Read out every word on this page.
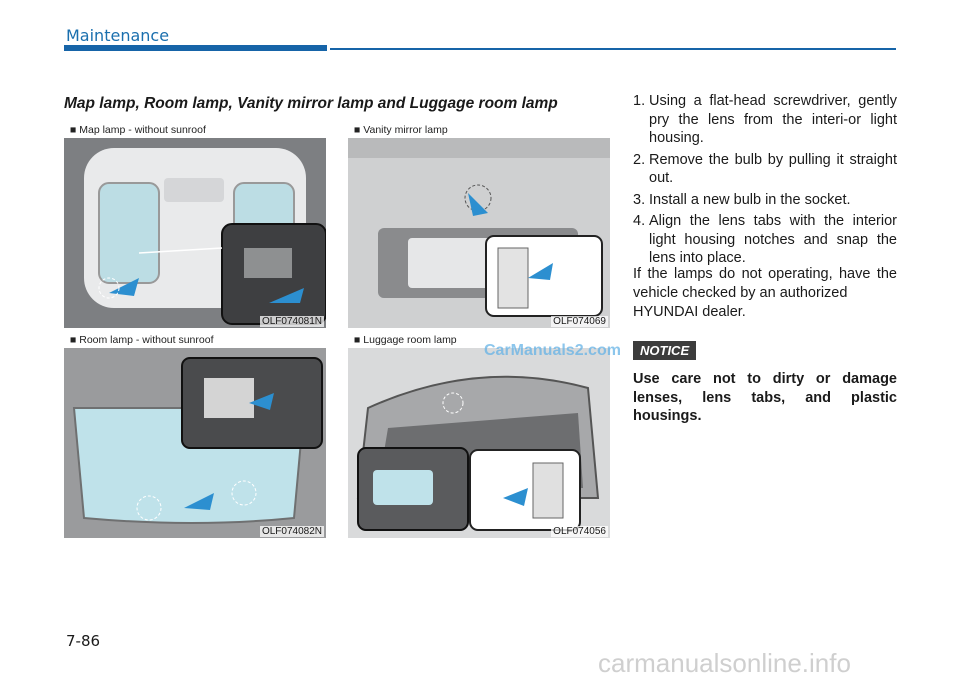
Maintenance
Map lamp, Room lamp, Vanity mirror lamp and Luggage room lamp
■ Map lamp - without sunroof
OLF074081N
■ Vanity mirror lamp
OLF074069
■ Room lamp - without sunroof
OLF074082N
■ Luggage room lamp
OLF074056
1. Using a flat-head screwdriver, gently pry the lens from the interi-or light housing.
2. Remove the bulb by pulling it straight out.
3. Install a new bulb in the socket.
4. Align the lens tabs with the interior light housing notches and snap the lens into place.
If the lamps do not operating, have the vehicle checked by an authorized
HYUNDAI dealer.
CarManuals2.com	NOTICE
Use care not to dirty or damage lenses, lens tabs, and plastic housings.
7-86
carmanualsonline.info
